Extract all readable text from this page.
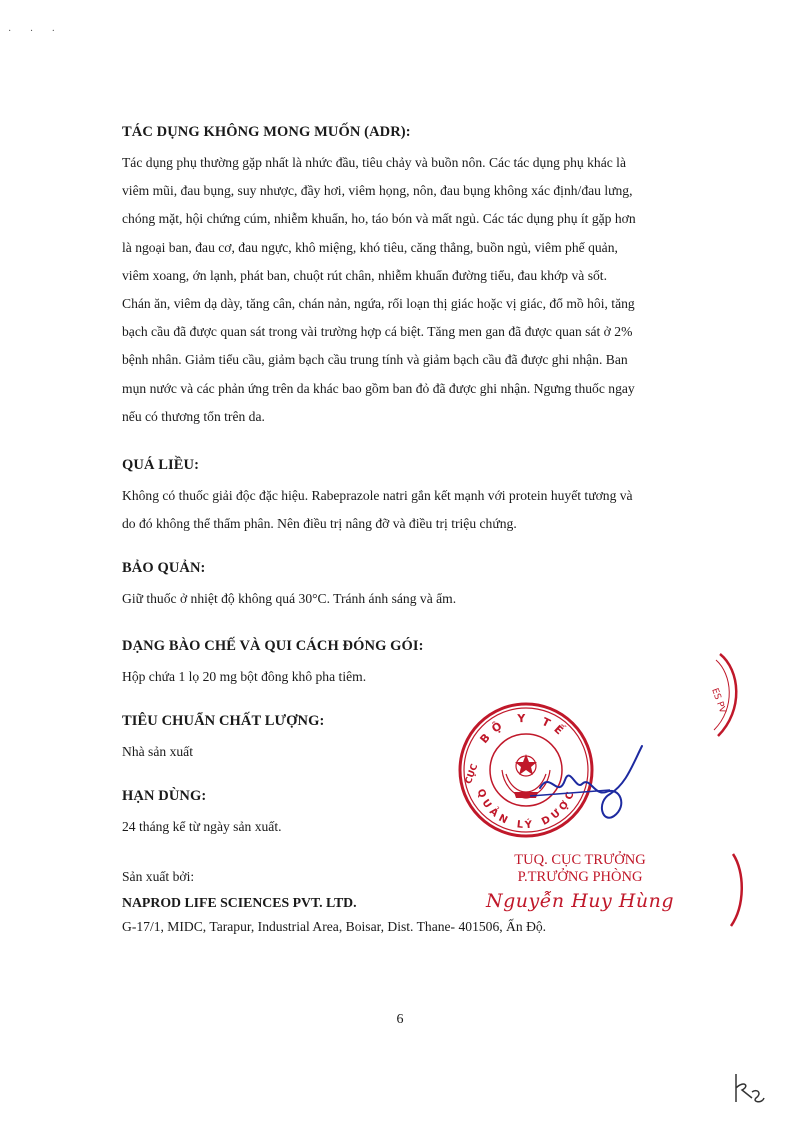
· · ·
TÁC DỤNG KHÔNG MONG MUỐN (ADR):

Tác dụng phụ thường gặp nhất là nhức đầu, tiêu chảy và buồn nôn. Các tác dụng phụ khác là
viêm mũi, đau bụng, suy nhược, đầy hơi, viêm họng, nôn, đau bụng không xác định/đau lưng,
chóng mặt, hội chứng cúm, nhiễm khuẩn, ho, táo bón và mất ngủ. Các tác dụng phụ ít gặp hơn
là ngoại ban, đau cơ, đau ngực, khô miệng, khó tiêu, căng thẳng, buồn ngủ, viêm phế quản,
viêm xoang, ớn lạnh, phát ban, chuột rút chân, nhiễm khuẩn đường tiểu, đau khớp và sốt.
Chán ăn, viêm dạ dày, tăng cân, chán nản, ngứa, rối loạn thị giác hoặc vị giác, đổ mồ hôi, tăng
bạch cầu đã được quan sát trong vài trường hợp cá biệt. Tăng men gan đã được quan sát ở 2%
bệnh nhân. Giảm tiểu cầu, giảm bạch cầu trung tính và giảm bạch cầu đã được ghi nhận. Ban
mụn nước và các phản ứng trên da khác bao gồm ban đỏ đã được ghi nhận. Ngưng thuốc ngay
nếu có thương tổn trên da.

QUÁ LIỀU:

Không có thuốc giải độc đặc hiệu. Rabeprazole natri gắn kết mạnh với protein huyết tương và
do đó không thể thẩm phân. Nên điều trị nâng đỡ và điều trị triệu chứng.

BẢO QUẢN:

Giữ thuốc ở nhiệt độ không quá 30°C. Tránh ánh sáng và ẩm.

DẠNG BÀO CHẾ VÀ QUI CÁCH ĐÓNG GÓI:

Hộp chứa 1 lọ 20 mg bột đông khô pha tiêm.

TIÊU CHUẨN CHẤT LƯỢNG:

Nhà sản xuất

HẠN DÙNG:

24 tháng kể từ ngày sản xuất.

Sản xuất bởi:
NAPROD LIFE SCIENCES PVT. LTD.
G-17/1, MIDC, Tarapur, Industrial Area, Boisar, Dist. Thane- 401506, Ấn Độ.
BỘ Y TẾ
QUẢN LÝ DƯỢC
CỤC
TUQ. CỤC TRƯỞNG
P.TRƯỞNG PHÒNG
Nguyễn Huy Hùng
ES PV
6
